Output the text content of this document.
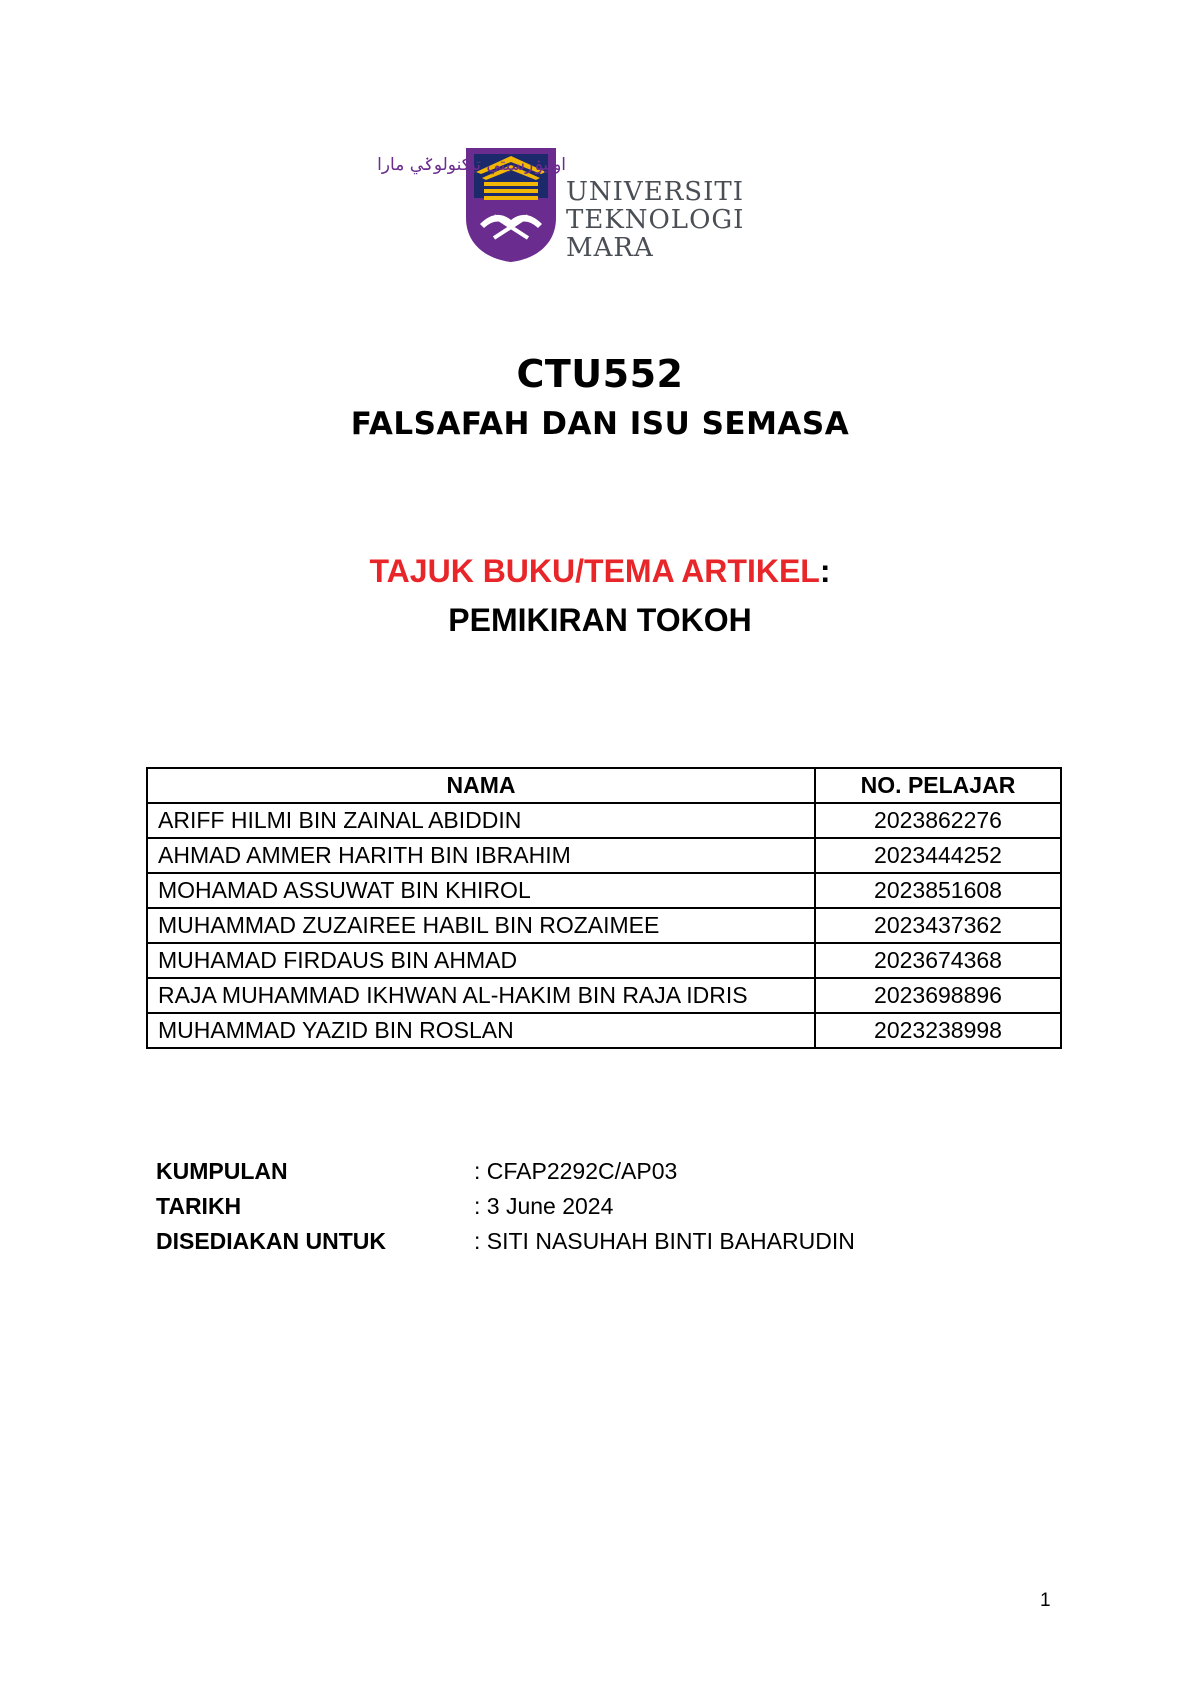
اونيۏرسيتي تيكنولوݢي مارا
UNIVERSITI
TEKNOLOGI
MARA
CTU552
FALSAFAH DAN ISU SEMASA
TAJUK BUKU/TEMA ARTIKEL:
PEMIKIRAN TOKOH
NAMA	NO. PELAJAR
ARIFF HILMI BIN ZAINAL ABIDDIN	2023862276
AHMAD AMMER HARITH BIN IBRAHIM	2023444252
MOHAMAD ASSUWAT BIN KHIROL	2023851608
MUHAMMAD ZUZAIREE HABIL BIN ROZAIMEE	2023437362
MUHAMAD FIRDAUS BIN AHMAD	2023674368
RAJA MUHAMMAD IKHWAN AL-HAKIM BIN RAJA IDRIS	2023698896
MUHAMMAD YAZID BIN ROSLAN	2023238998
KUMPULAN	: CFAP2292C/AP03
TARIKH	: 3 June 2024
DISEDIAKAN UNTUK	: SITI NASUHAH BINTI BAHARUDIN
1
